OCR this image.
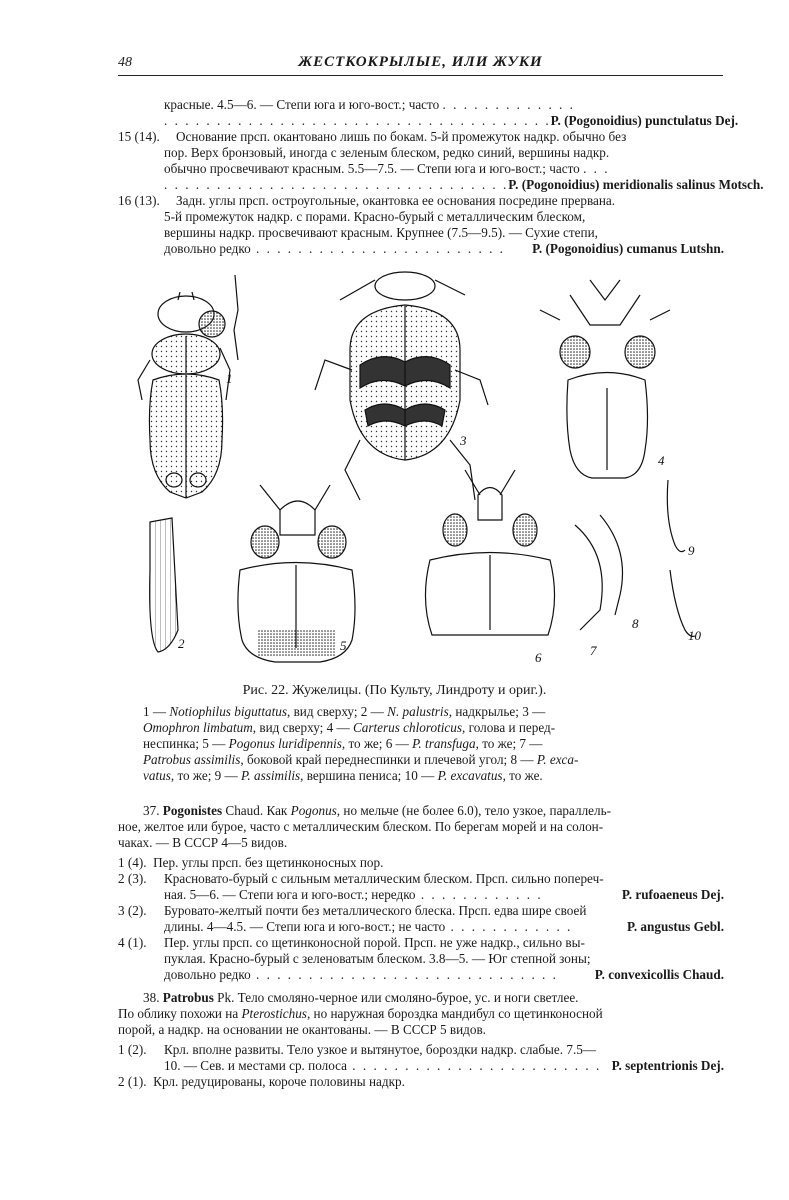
48	ЖЕСТКОКРЫЛЫЕ, ИЛИ ЖУКИ
красные. 4.5—6. — Степи юга и юго-вост.; часто . . . . . . . . . . . . .
. . . . . . . . . . . . . . . . . . . . . . . . . . . . . . . . . . . . . P. (Pogonoidius) punctulatus Dej.
15 (14). Основание прсп. окантовано лишь по бокам. 5-й промежуток надкр. обычно без
пор. Верх бронзовый, иногда с зеленым блеском, редко синий, вершины надкр.
обычно просвечивают красным. 5.5—7.5. — Степи юга и юго-вост.; часто . . .
. . . . . . . . . . . . . . . . . . . . . . . . . . . . . . . . . P. (Pogonoidius) meridionalis salinus Motsch.
16 (13). Задн. углы прсп. остроугольные, окантовка ее основания посредине прервана.
5-й промежуток надкр. с порами. Красно-бурый с металлическим блеском,
вершины надкр. просвечивают красным. Крупнее (7.5—9.5). — Сухие степи,
довольно редко . . . . . . . . . . . . . . . . . . . . . . . .	P. (Pogonoidius) cumanus Lutshn.
1
2
3
4
5
6	7
8
9
10
Рис. 22. Жужелицы. (По Культу, Линдроту и ориг.).
1 — Notiophilus biguttatus, вид сверху; 2 — N. palustris, надкрылье; 3 —
Omophron limbatum, вид сверху; 4 — Carterus chloroticus, голова и перед-
неспинка; 5 — Pogonus luridipennis, то же; 6 — P. transfuga, то же; 7 —
Patrobus assimilis, боковой край переднеспинки и плечевой угол; 8 — P. exca-
vatus, то же; 9 — P. assimilis, вершина пениса; 10 — P. excavatus, то же.
37. Pogonistes Chaud. Как Pogonus, но мельче (не более 6.0), тело узкое, параллель-
ное, желтое или бурое, часто с металлическим блеском. По берегам морей и на солон-
чаках. — В СССР 4—5 видов.
1 (4).  Пер. углы прсп. без щетинконосных пор.
2 (3). Красновато-бурый с сильным металлическим блеском. Прсп. сильно попереч-
ная. 5—6. — Степи юга и юго-вост.; нередко . . . . . . . . . . . .	P. rufoaeneus Dej.
3 (2). Буровато-желтый почти без металлического блеска. Прсп. едва шире своей
длины. 4—4.5. — Степи юга и юго-вост.; не часто . . . . . . . . . . . .	P. angustus Gebl.
4 (1). Пер. углы прсп. со щетинконосной порой. Прсп. не уже надкр., сильно вы-
пуклая. Красно-бурый с зеленоватым блеском. 3.8—5. — Юг степной зоны;
довольно редко . . . . . . . . . . . . . . . . . . . . . . . . . . . . .	P. convexicollis Chaud.
38. Patrobus Pk. Тело смоляно-черное или смоляно-бурое, ус. и ноги светлее.
По облику похожи на Pterostichus, но наружная бороздка мандибул со щетинконосной
порой, а надкр. на основании не окантованы. — В СССР 5 видов.
1 (2). Крл. вполне развиты. Тело узкое и вытянутое, бороздки надкр. слабые. 7.5—
10. — Сев. и местами ср. полоса . . . . . . . . . . . . . . . . . . . . . . . . P. septentrionis Dej.
2 (1).  Крл. редуцированы, короче половины надкр.
